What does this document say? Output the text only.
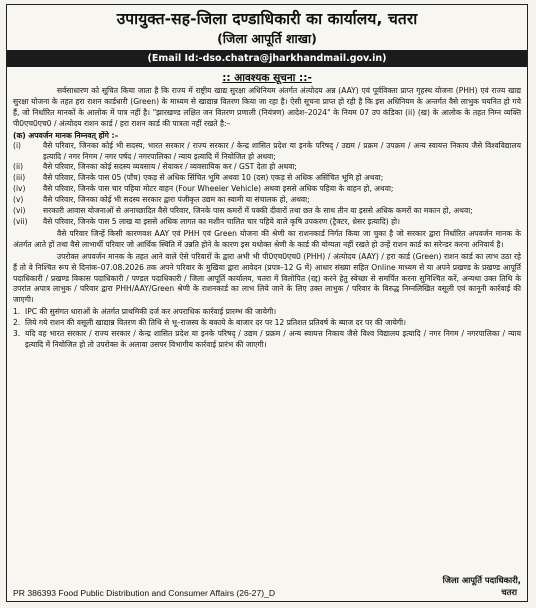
उपायुक्त-सह-जिला दण्डाधिकारी का कार्यालय, चतरा
(जिला आपूर्ति शाखा)
(Email Id:-dso.chatra@jharkhandmail.gov.in)
:: आवश्यक सूचना ::-

सर्वसाधारण को सूचित किया जाता है कि राज्य में राष्ट्रीय खाद्य सुरक्षा अधिनियम अंतर्गत अंत्योदय अन्न (AAY) एवं पूर्वविक्ता प्राप्त गृहस्थ योजना (PHH) एवं राज्य खाद्य सुरक्षा योजना के तहत हरा राशन कार्डधारी (Green) के माध्यम से खाद्यान्न वितरण किया जा रहा है। ऐसी सूचना प्राप्त हो रही है कि इस अधिनियम के अन्तर्गत वैसे लाभुक चयनित हो गये हैं, जो निर्धारित मानकों के आलोक में पात्र नहीं है। "झारखण्ड लक्षित जन वितरण प्रणाली (नियंत्रण) आदेश–2024" के नियम 07 उप कंडिका (ii) (ख) के आलोक के तहत निम्न व्यक्ति पी0एच0एच0 / अंत्योदय राशन कार्ड / हरा राशन कार्ड की पात्रता नहीं रखते है:–

(क) अपवर्जन मानक निम्नवत् होंगे :–
(i)	वैसे परिवार, जिनका कोई भी सदस्य, भारत सरकार / राज्य सरकार / केन्द्र शासित प्रदेश या इनके परिषद् / उद्यम / प्रक्रम / उपक्रम / अन्य स्वायत्त निकाय जैसे विश्वविद्यालय इत्यादि / नगर निगम / नगर पर्षद / नगरपालिका / न्याय इत्यादि में नियोजित हो अथवा;
(ii)	वैसे परिवार, जिनका कोई सदस्य व्यवसाय / सेवाकर / व्यवसायिक कर / GST देता हो अथवा;
(iii)	वैसे परिवार, जिनके पास 05 (पाँच) एकड़ से अधिक सिंचित भूमि अथवा 10 (दस) एकड़ से अधिक असिंचित भूमि हो अथवा;
(iv)	वैसे परिवार, जिनके पास चार पहिया मोटर वाहन (Four Wheeler Vehicle) अथवा इससे अधिक पहिया के वाहन हो, अथवा;
(v)	वैसे परिवार, जिनका कोई भी सदस्य सरकार द्वारा पंजीकृत उद्यम का स्वामी या संचालक हो, अथवा;
(vi)	सरकारी आवास योजनाओं से अनाच्छादित वैसे परिवार, जिनके पास कमरों में पक्की दीवारों तथा छत के साथ तीन या इससे अधिक कमरों का मकान हो, अथवा;
(vii)	वैसे परिवार, जिनके पास 5 लाख या इससे अधिक लागत का मशीन चालित चार पहिये वाले कृषि उपकरण (ट्रैक्टर, थ्रेसर इत्यादि) हो।

वैसे परिवार जिन्हें किसी कारणवश AAY एवं PHH एवं Green योजना की श्रेणी का राशनकार्ड निर्गत किया जा चुका है जो सरकार द्वारा निर्धारित अपवर्जन मानक के अंतर्गत आते हों तथा वैसे लाभार्थी परिवार जो आर्थिक स्थिति में उन्नति होने के कारण इस यथोक्त श्रेणी के कार्ड की योग्यता नहीं रखते हो उन्हें राशन कार्ड का सरेन्डर करना अनिवार्य है।

उपरोक्त अपवर्जन मानक के तहत आने वाले ऐसे परिवारों के द्वारा अभी भी पी0एच0एच0 (PHH) / अंत्योदय (AAY) / हरा कार्ड (Green) राशन कार्ड का लाभ उठा रहे हैं तो वे निश्चित रूप से दिनांक–07.08.2026 तक अपने परिवार के मुखिया द्वारा आवेदन (प्रपत्र–12 G में) आधार संख्या सहित Online माध्यम से या अपने प्रखण्ड के प्रखण्ड आपूर्ति पदाधिकारी / प्रखण्ड विकास पदाधिकारी / पण्डल पदाधिकारी / जिला आपूर्ति कार्यालय, चतरा में विलोपित (रद्द) करने हेतु स्वेच्छा से समर्पित करना सुनिश्चित करें, अन्यथा उक्त तिथि के उपरांत अपात्र लाभुक / परिवार द्वारा PHH/AAY/Green श्रेणी के राशनकार्ड का लाभ लिये जाने के लिए उक्त लाभुक / परिवार के विरुद्ध निम्नलिखित वसूली एवं कानूनी कार्रवाई की जाएगी।

1. IPC की सुसंगत धाराओं के अंतर्गत प्राथमिकी दर्ज कर अपराधिक कार्रवाई प्रारम्भ की जायेगी।
2. लिये गये राशन की वसूली खाद्यान्न वितरण की तिथि से भू–राजस्व के बकाये के बाजार दर पर 12 प्रतिशत प्रतिवर्ष के ब्याज दर पर की जायेगी।
3. यदि वह भारत सरकार / राज्य सरकार / केन्द्र शासित प्रदेश या इनके परिषद् / उद्यम / प्रक्रम / अन्य स्वायत्त निकाय जैसे विश्व विद्यालय इत्यादि / नगर निगम / नगरपालिका / न्याय इत्यादि में नियोजित हो तो उपरोक्त के अलावा उसपर विभागीय कार्रवाई प्रारंभ की जाएगी।
PR 386393 Food Public Distribution and Consumer Affairs (26-27)_D
जिला आपूर्ति पदाधिकारी,
चतरा
